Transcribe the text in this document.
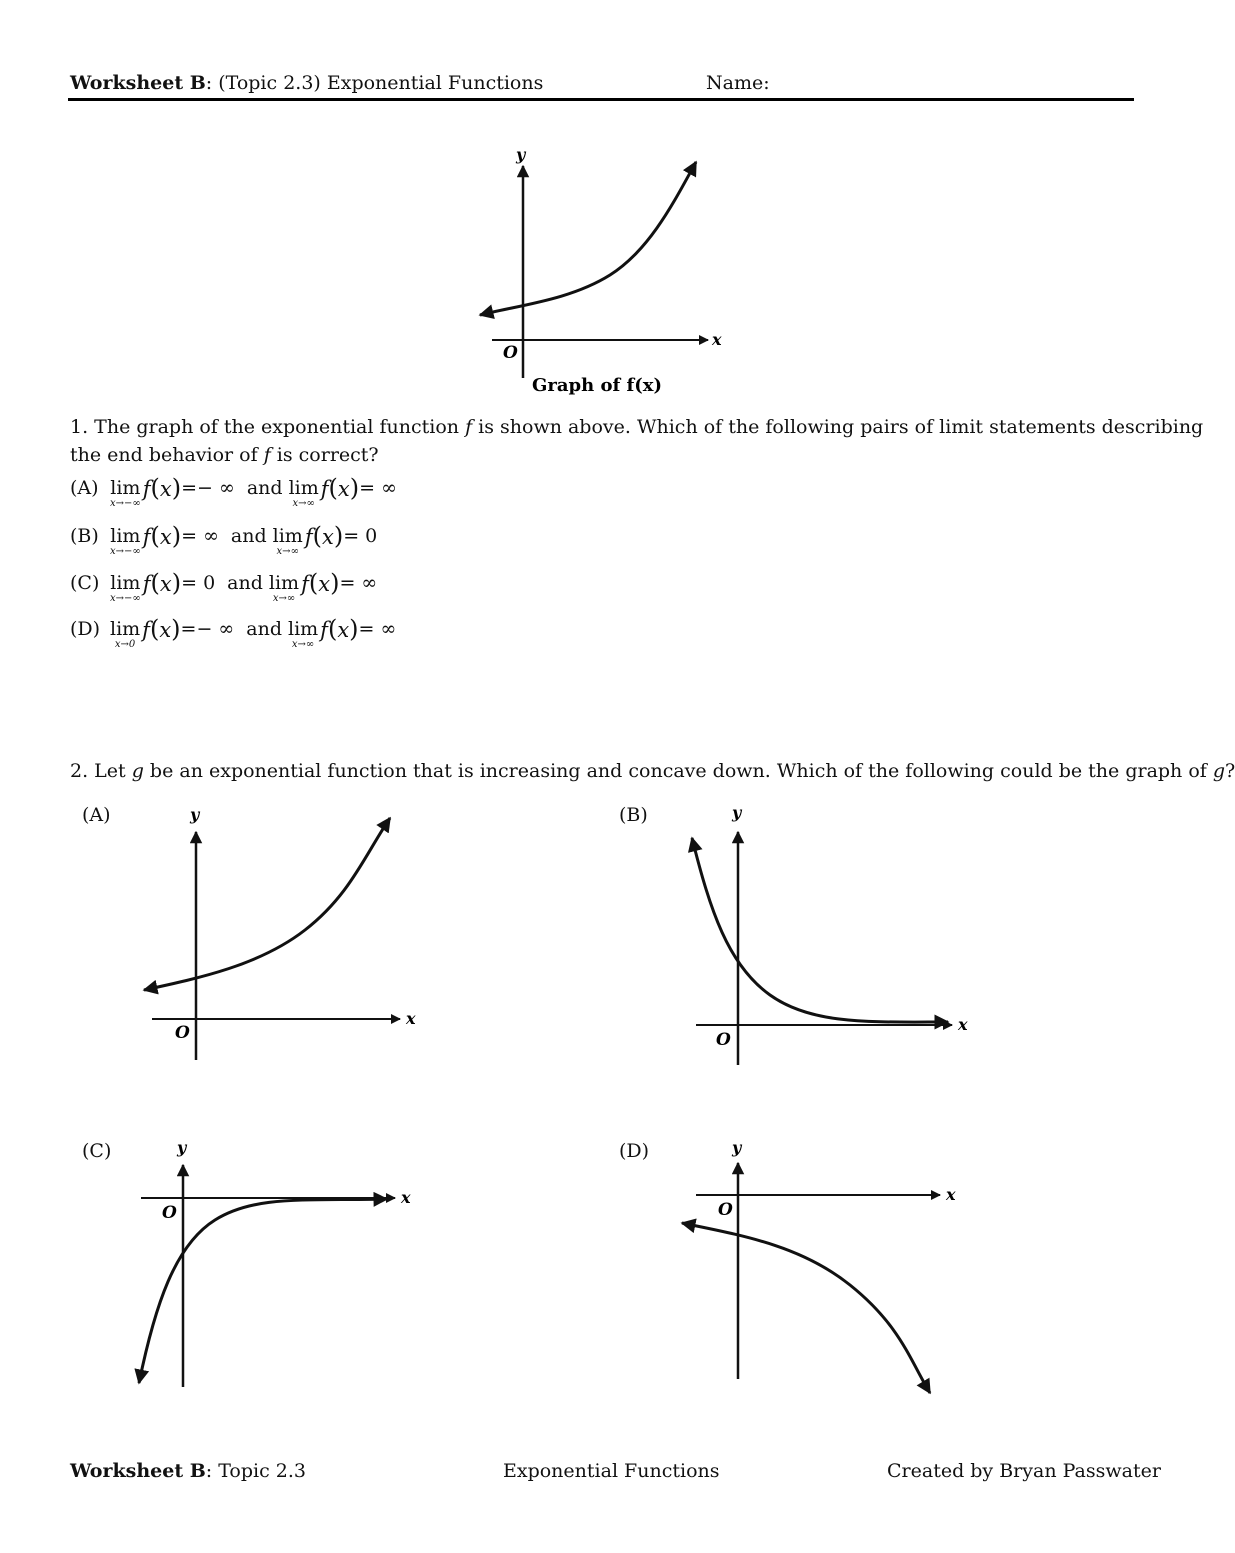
Worksheet B: (Topic 2.3) Exponential Functions	Name:
y
x
O
Graph of f(x)
1. The graph of the exponential function f is shown above. Which of the following pairs of limit statements describing
the end behavior of f is correct?
(A) lim
x→−∞
f(x) =− ∞ and lim
x→∞
f(x) = ∞
(B) lim
x→−∞
f(x) = ∞ and lim
x→∞
f(x) = 0
(C) lim
x→−∞
f(x) = 0 and lim
x→∞
f(x) = ∞
(D) lim
x→0
f(x) =− ∞ and lim
x→∞
f(x) = ∞
2. Let g be an exponential function that is increasing and concave down. Which of the following could be the graph of g?
(A)	y
x
O
(B)	y
x
O
(C)	y
x
O
(D)	y
x
O
Worksheet B: Topic 2.3	Exponential Functions	Created by Bryan Passwater
